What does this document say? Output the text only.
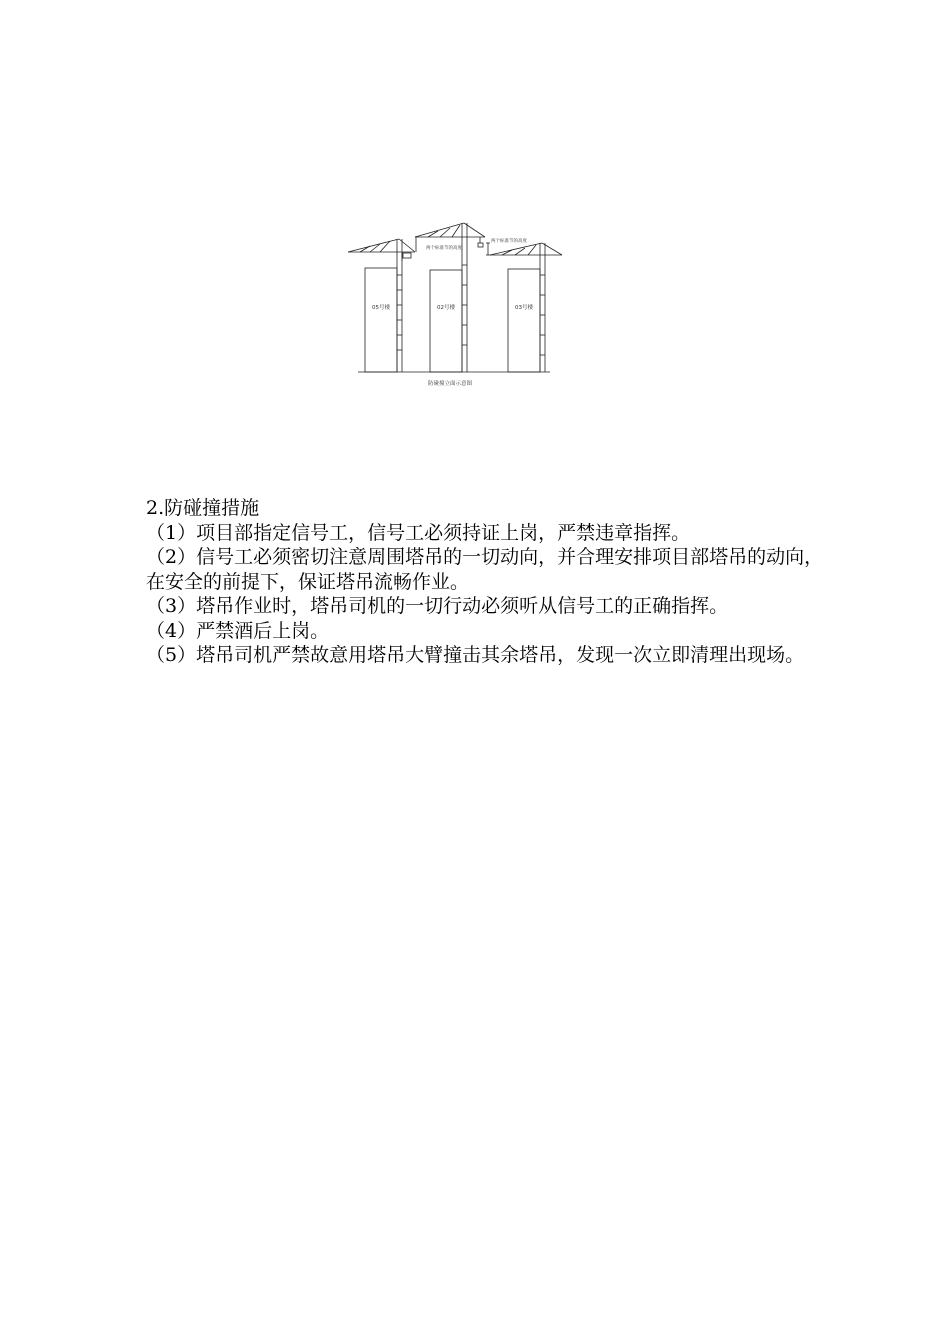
05号楼	02号楼	03号楼
两个标准节的高度
两个标准节的高度
防碰撞立面示意图

2.防碰撞措施

（1）项目部指定信号工，信号工必须持证上岗，严禁违章指挥。

（2）信号工必须密切注意周围塔吊的一切动向，并合理安排项目部塔吊的动向，在安全的前提下，保证塔吊流畅作业。

（3）塔吊作业时，塔吊司机的一切行动必须听从信号工的正确指挥。

（4）严禁酒后上岗。

（5）塔吊司机严禁故意用塔吊大臂撞击其余塔吊，发现一次立即清理出现场。
